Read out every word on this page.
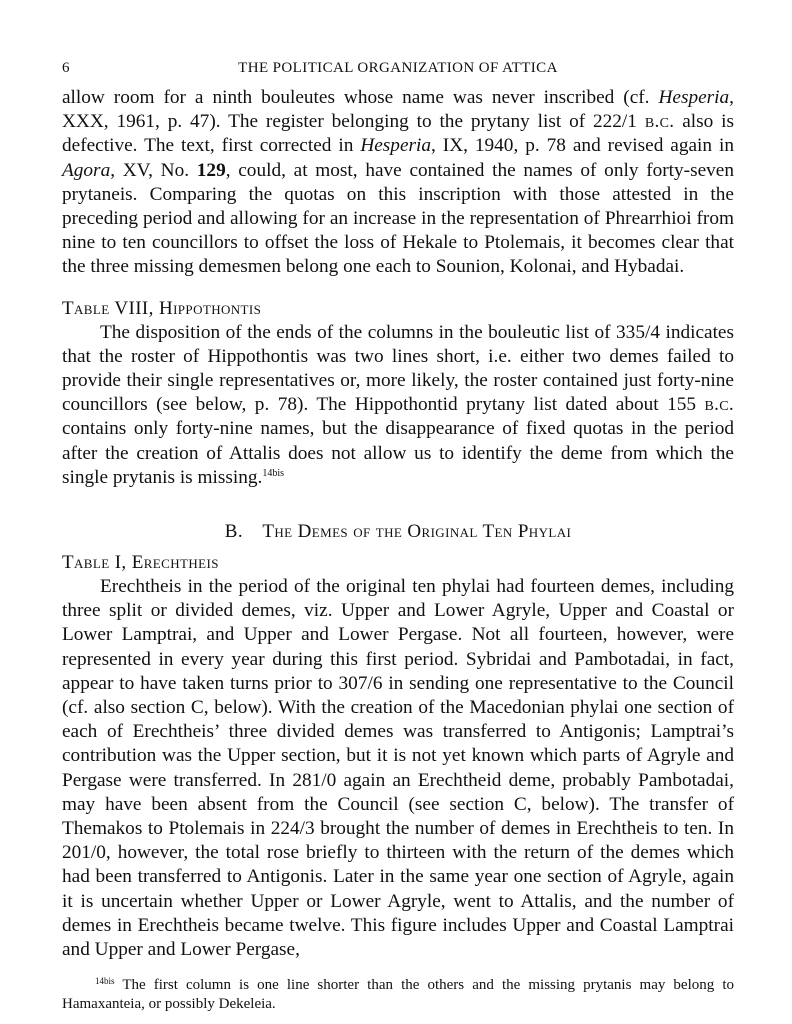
6	THE POLITICAL ORGANIZATION OF ATTICA

allow room for a ninth bouleutes whose name was never inscribed (cf. Hesperia, XXX, 1961, p. 47). The register belonging to the prytany list of 222/1 b.c. also is defective. The text, first corrected in Hesperia, IX, 1940, p. 78 and revised again in Agora, XV, No. 129, could, at most, have contained the names of only forty-seven prytaneis. Comparing the quotas on this inscription with those attested in the preceding period and allowing for an increase in the representation of Phrearrhioi from nine to ten councillors to offset the loss of Hekale to Ptolemais, it becomes clear that the three missing demesmen belong one each to Sounion, Kolonai, and Hybadai.

Table VIII, Hippothontis

The disposition of the ends of the columns in the bouleutic list of 335/4 indicates that the roster of Hippothontis was two lines short, i.e. either two demes failed to provide their single representatives or, more likely, the roster contained just forty-nine councillors (see below, p. 78). The Hippothontid prytany list dated about 155 b.c. contains only forty-nine names, but the disappearance of fixed quotas in the period after the creation of Attalis does not allow us to identify the deme from which the single prytanis is missing.$^{14bis}$

B. The Demes of the Original Ten Phylai
Table I, Erechtheis

Erechtheis in the period of the original ten phylai had fourteen demes, including three split or divided demes, viz. Upper and Lower Agryle, Upper and Coastal or Lower Lamptrai, and Upper and Lower Pergase. Not all fourteen, however, were represented in every year during this first period. Sybridai and Pambotadai, in fact, appear to have taken turns prior to 307/6 in sending one representative to the Council (cf. also section C, below). With the creation of the Macedonian phylai one section of each of Erechtheis’ three divided demes was transferred to Antigonis; Lamptrai’s contribution was the Upper section, but it is not yet known which parts of Agryle and Pergase were transferred. In 281/0 again an Erechtheid deme, probably Pambotadai, may have been absent from the Council (see section C, below). The transfer of Themakos to Ptolemais in 224/3 brought the number of demes in Erechtheis to ten. In 201/0, however, the total rose briefly to thirteen with the return of the demes which had been transferred to Antigonis. Later in the same year one section of Agryle, again it is uncertain whether Upper or Lower Agryle, went to Attalis, and the number of demes in Erechtheis became twelve. This figure includes Upper and Coastal Lamptrai and Upper and Lower Pergase,

$^{14bis}$ The first column is one line shorter than the others and the missing prytanis may belong to Hamaxanteia, or possibly Dekeleia.
